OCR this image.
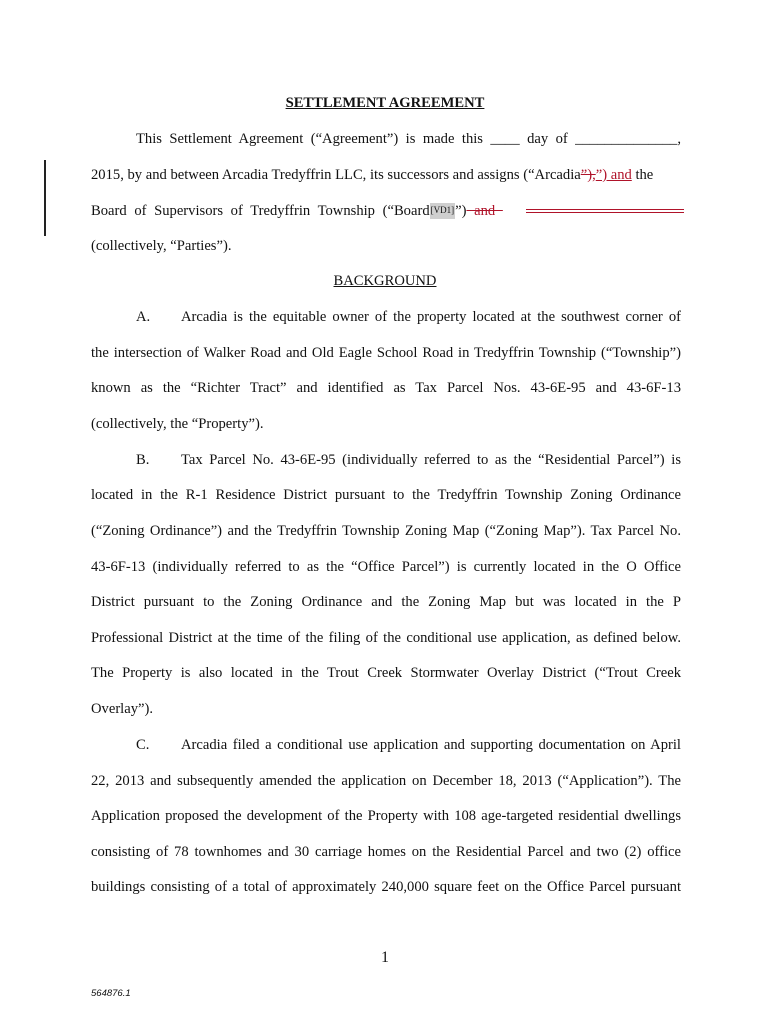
SETTLEMENT AGREEMENT
This Settlement Agreement (“Agreement”) is made this ____ day of ______________,
2015, by and between Arcadia Tredyffrin LLC, its successors and assigns (“Arcadia”),”) and the
Board of Supervisors of Tredyffrin Township (“Board[VD1]”) and
(collectively, “Parties”).
BACKGROUND
A. Arcadia is the equitable owner of the property located at the southwest corner of
the intersection of Walker Road and Old Eagle School Road in Tredyffrin Township (“Township”)
known as the “Richter Tract” and identified as Tax Parcel Nos. 43-6E-95 and 43-6F-13
(collectively, the “Property”).
B. Tax Parcel No. 43-6E-95 (individually referred to as the “Residential Parcel”) is
located in the R-1 Residence District pursuant to the Tredyffrin Township Zoning Ordinance
(“Zoning Ordinance”) and the Tredyffrin Township Zoning Map (“Zoning Map”). Tax Parcel No.
43-6F-13 (individually referred to as the “Office Parcel”) is currently located in the O Office
District pursuant to the Zoning Ordinance and the Zoning Map but was located in the P
Professional District at the time of the filing of the conditional use application, as defined below.
The Property is also located in the Trout Creek Stormwater Overlay District (“Trout Creek
Overlay”).
C. Arcadia filed a conditional use application and supporting documentation on April
22, 2013 and subsequently amended the application on December 18, 2013 (“Application”). The
Application proposed the development of the Property with 108 age-targeted residential dwellings
consisting of 78 townhomes and 30 carriage homes on the Residential Parcel and two (2) office
buildings consisting of a total of approximately 240,000 square feet on the Office Parcel pursuant
1
564876.1
